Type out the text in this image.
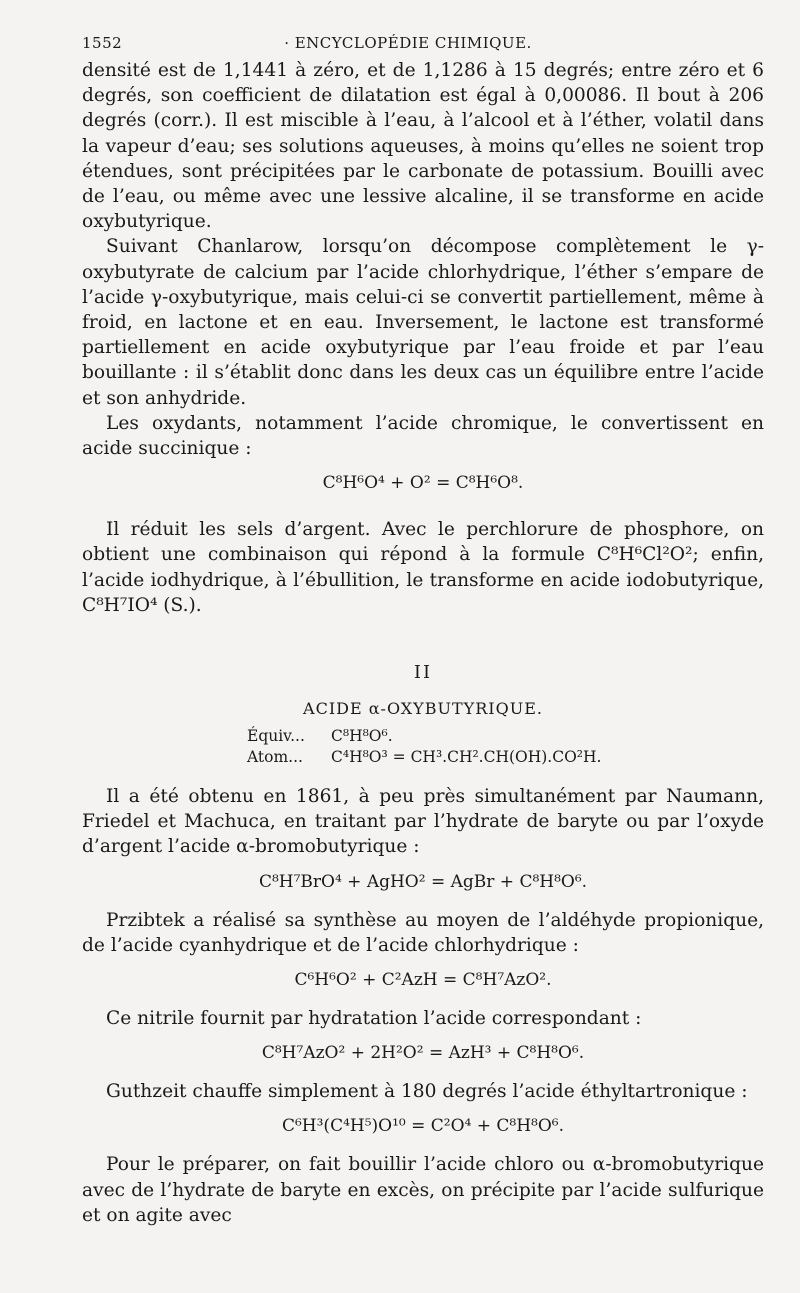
1552	· ENCYCLOPÉDIE CHIMIQUE.

densité est de 1,1441 à zéro, et de 1,1286 à 15 degrés; entre zéro et 6 degrés, son coefficient de dilatation est égal à 0,00086. Il bout à 206 degrés (corr.). Il est miscible à l’eau, à l’alcool et à l’éther, volatil dans la vapeur d’eau; ses solutions aqueuses, à moins qu’elles ne soient trop étendues, sont précipitées par le carbonate de potassium. Bouilli avec de l’eau, ou même avec une lessive alcaline, il se transforme en acide oxybutyrique.

Suivant Chanlarow, lorsqu’on décompose complètement le γ-oxybutyrate de calcium par l’acide chlorhydrique, l’éther s’empare de l’acide γ-oxybutyrique, mais celui-ci se convertit partiellement, même à froid, en lactone et en eau. Inversement, le lactone est transformé partiellement en acide oxybutyrique par l’eau froide et par l’eau bouillante : il s’établit donc dans les deux cas un équilibre entre l’acide et son anhydride.

Les oxydants, notamment l’acide chromique, le convertissent en acide succinique :

C⁸H⁶O⁴ + O² = C⁸H⁶O⁸.

Il réduit les sels d’argent. Avec le perchlorure de phosphore, on obtient une combinaison qui répond à la formule C⁸H⁶Cl²O²; enfin, l’acide iodhydrique, à l’ébullition, le transforme en acide iodobutyrique, C⁸H⁷IO⁴ (S.).

II
ACIDE α-OXYBUTYRIQUE.
Équiv...	C⁸H⁸O⁶.
Atom...	C⁴H⁸O³ = CH³.CH².CH(OH).CO²H.

Il a été obtenu en 1861, à peu près simultanément par Naumann, Friedel et Machuca, en traitant par l’hydrate de baryte ou par l’oxyde d’argent l’acide α-bromobutyrique :

C⁸H⁷BrO⁴ + AgHO² = AgBr + C⁸H⁸O⁶.

Przibtek a réalisé sa synthèse au moyen de l’aldéhyde propionique, de l’acide cyanhydrique et de l’acide chlorhydrique :

C⁶H⁶O² + C²AzH = C⁸H⁷AzO².

Ce nitrile fournit par hydratation l’acide correspondant :

C⁸H⁷AzO² + 2H²O² = AzH³ + C⁸H⁸O⁶.

Guthzeit chauffe simplement à 180 degrés l’acide éthyltartronique :

C⁶H³(C⁴H⁵)O¹⁰ = C²O⁴ + C⁸H⁸O⁶.

Pour le préparer, on fait bouillir l’acide chloro ou α-bromobutyrique avec de l’hydrate de baryte en excès, on précipite par l’acide sulfurique et on agite avec
